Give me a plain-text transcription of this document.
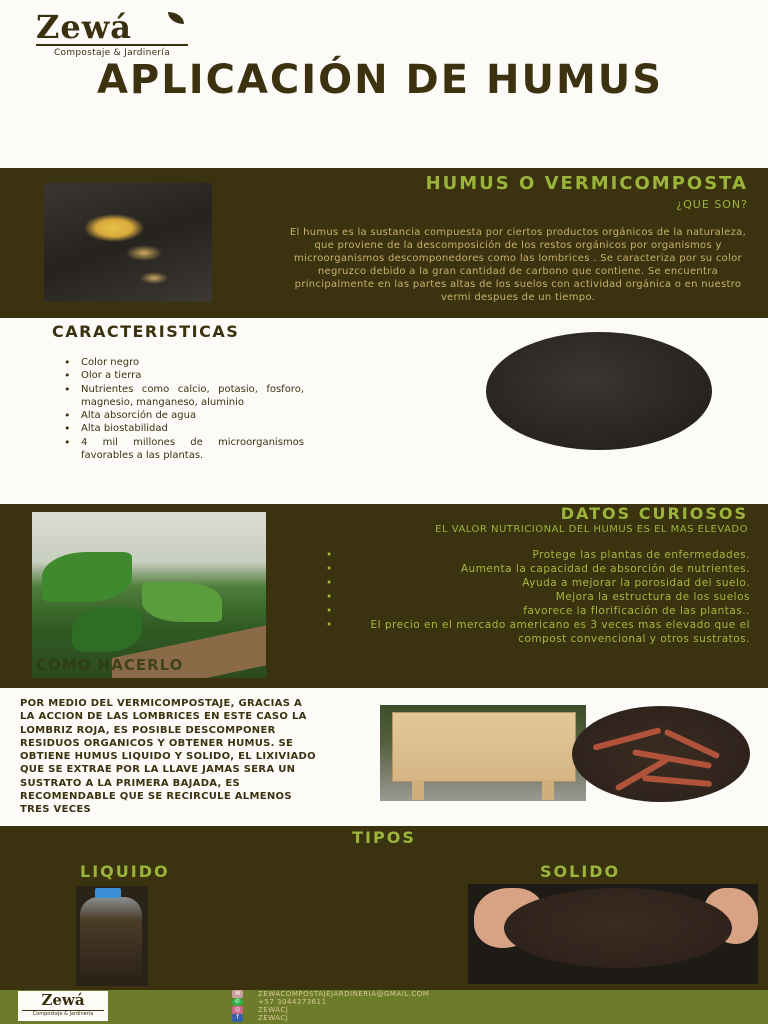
Zewá
Compostaje & Jardinería
APLICACIÓN DE HUMUS
HUMUS O VERMICOMPOSTA
¿QUE SON?
El humus es la sustancia compuesta por ciertos productos orgánicos de la naturaleza, que proviene de la descomposición de los restos orgánicos por organismos y microorganismos descomponedores como las lombrices . Se caracteriza por su color negruzco debido a la gran cantidad de carbono que contiene. Se encuentra principalmente en las partes altas de los suelos con actividad orgánica o en nuestro vermi despues de un tiempo.
CARACTERISTICAS
• Color negro
• Olor a tierra
• Nutrientes como calcio, potasio, fosforo, magnesio, manganeso, aluminio
• Alta absorción de agua
• Alta biostabilidad
• 4 mil millones de microorganismos favorables a las plantas.
COMO HACERLO
DATOS CURIOSOS
EL VALOR NUTRICIONAL DEL HUMUS ES EL MAS ELEVADO
• Protege las plantas de enfermedades.
• Aumenta la capacidad de absorción de nutrientes.
• Ayuda a mejorar la porosidad del suelo.
• Mejora la estructura de los suelos
• favorece la florificación de las plantas..
• El precio en el mercado americano es 3 veces mas elevado que el compost convencional y otros sustratos.
POR MEDIO DEL VERMICOMPOSTAJE, GRACIAS A LA ACCION DE LAS LOMBRICES EN ESTE CASO LA LOMBRIZ ROJA, ES POSIBLE DESCOMPONER RESIDUOS ORGANICOS Y OBTENER HUMUS. SE OBTIENE HUMUS LIQUIDO Y SOLIDO, EL LIXIVIADO QUE SE EXTRAE POR LA LLAVE JAMAS SERA UN SUSTRATO A LA PRIMERA BAJADA, ES RECOMENDABLE QUE SE RECIRCULE ALMENOS TRES VECES
TIPOS
LIQUIDO	SOLIDO
Zewá
Compostaje & Jardinería
✉
✆
◎
f
ZEWACOMPOSTAJEJARDINERIA@GMAIL.COM
+57 3044373611
ZEWACJ
ZEWACJ
